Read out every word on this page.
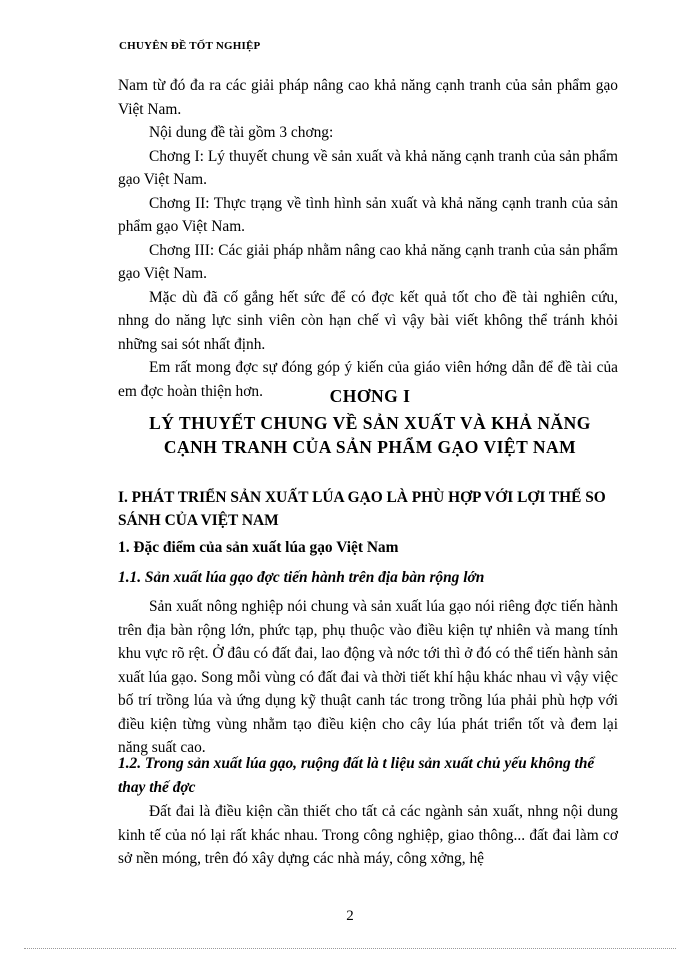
CHUYÊN ĐỀ TỐT NGHIỆP

Nam từ đó đa ra các giải pháp nâng cao khả năng cạnh tranh của sản phẩm gạo Việt Nam.

Nội dung đề tài gồm 3 chơng:

Chơng I: Lý thuyết chung về sản xuất và khả năng cạnh tranh của sản phẩm gạo Việt Nam.

Chơng II: Thực trạng về tình hình sản xuất và khả năng cạnh tranh của sản phẩm gạo Việt Nam.

Chơng III: Các giải pháp nhằm nâng cao khả năng cạnh tranh của sản phẩm gạo Việt Nam.

Mặc dù đã cố gắng hết sức để có đợc kết quả tốt cho đề tài nghiên cứu, nhng do năng lực sinh viên còn hạn chế vì vậy bài viết không thể tránh khỏi những sai sót nhất định.

Em rất mong đợc sự đóng góp ý kiến của giáo viên hớng dẫn để đề tài của em đợc hoàn thiện hơn.	CHƠNG I
LÝ THUYẾT CHUNG VỀ SẢN XUẤT VÀ KHẢ NĂNG
CẠNH TRANH CỦA SẢN PHẨM GẠO VIỆT NAM
I. PHÁT TRIỂN SẢN XUẤT LÚA GẠO LÀ PHÙ HỢP VỚI LỢI THẾ SO SÁNH CỦA VIỆT NAM
1. Đặc điểm của sản xuất lúa gạo Việt Nam
1.1. Sản xuất lúa gạo đợc tiến hành trên địa bàn rộng lớn

Sản xuất nông nghiệp nói chung và sản xuất lúa gạo nói riêng đợc tiến hành trên địa bàn rộng lớn, phức tạp, phụ thuộc vào điều kiện tự nhiên và mang tính khu vực rõ rệt. Ở đâu có đất đai, lao động và nớc tới thì ở đó có thể tiến hành sản xuất lúa gạo. Song mỗi vùng có đất đai và thời tiết khí hậu khác nhau vì vậy việc bố trí trồng lúa và ứng dụng kỹ thuật canh tác trong trồng lúa phải phù hợp với điều kiện từng vùng nhằm tạo điều kiện cho cây lúa phát triển tốt và đem lại năng suất cao.

1.2. Trong sản xuất lúa gạo, ruộng đất là t liệu sản xuất chủ yếu không thể thay thế đợc

Đất đai là điều kiện cần thiết cho tất cả các ngành sản xuất, nhng nội dung kinh tế của nó lại rất khác nhau. Trong công nghiệp, giao thông... đất đai làm cơ sở nền móng, trên đó xây dựng các nhà máy, công xởng, hệ

2
